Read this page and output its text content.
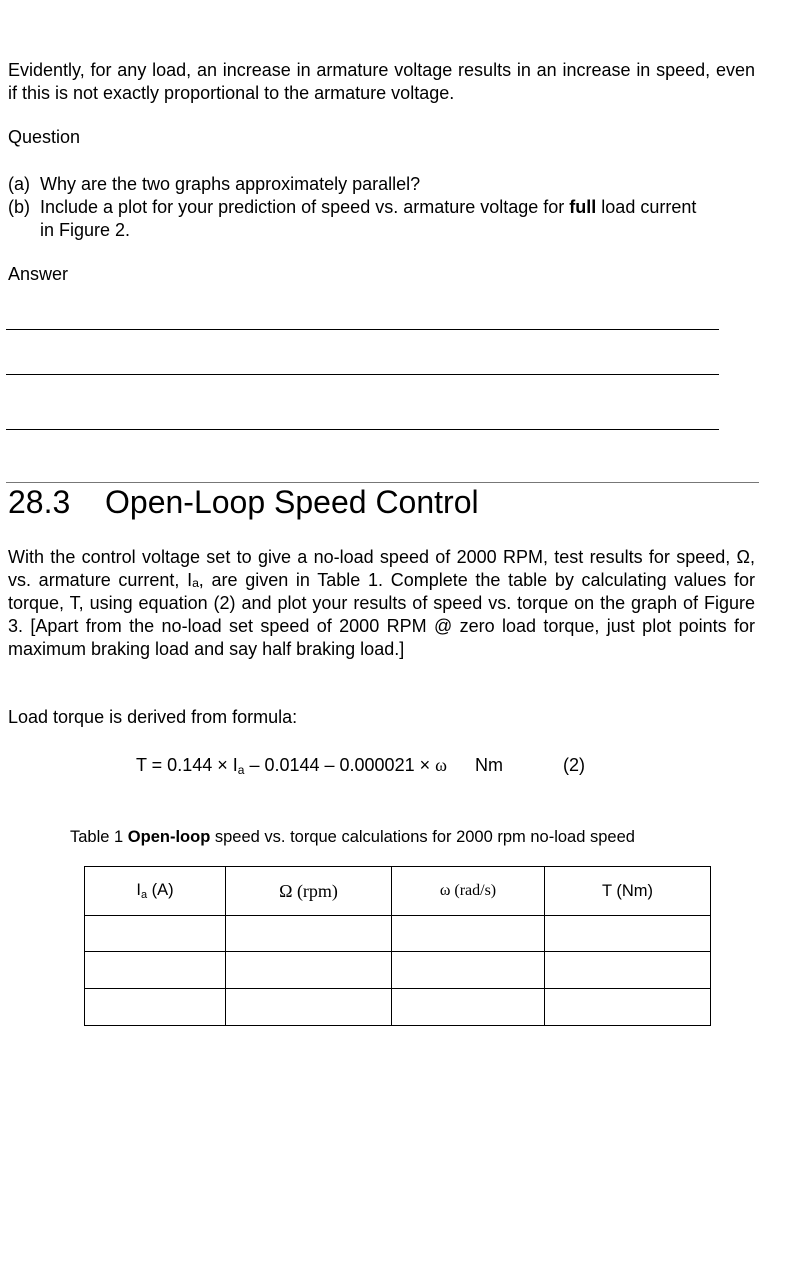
Evidently, for any load, an increase in armature voltage results in an increase in speed, even if this is not exactly proportional to the armature voltage.
Question
(a) Why are the two graphs approximately parallel?
(b) Include a plot for your prediction of speed vs. armature voltage for full load current
in Figure 2.
Answer
28.3 Open-Loop Speed Control
With the control voltage set to give a no-load speed of 2000 RPM, test results for speed, Ω, vs. armature current, Iₐ, are given in Table 1. Complete the table by calculating values for torque, T, using equation (2) and plot your results of speed vs. torque on the graph of Figure 3. [Apart from the no-load set speed of 2000 RPM @ zero load torque, just plot points for maximum braking load and say half braking load.]
Load torque is derived from formula:
$T = 0.144 \times I_a - 0.0144 - 0.000021 \times \omega$ Nm	(2)
Table 1 Open-loop speed vs. torque calculations for 2000 rpm no-load speed
Ia (A)	Ω (rpm)	ω (rad/s)	T (Nm)
